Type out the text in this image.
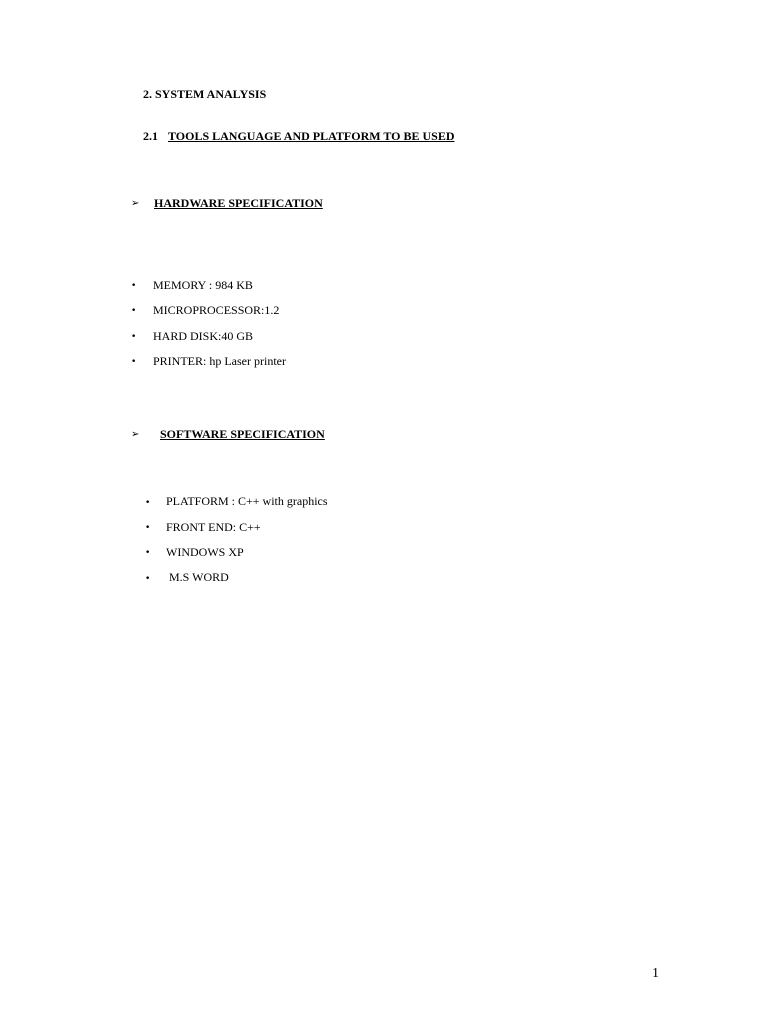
2. SYSTEM ANALYSIS
2.1 TOOLS LANGUAGE AND PLATFORM TO BE USED
➢ HARDWARE SPECIFICATION
• MEMORY : 984 KB
• MICROPROCESSOR:1.2
• HARD DISK:40 GB
• PRINTER: hp Laser printer
➢ SOFTWARE SPECIFICATION
• PLATFORM : C++ with graphics
• FRONT END: C++
• WINDOWS XP
• M.S WORD
1
